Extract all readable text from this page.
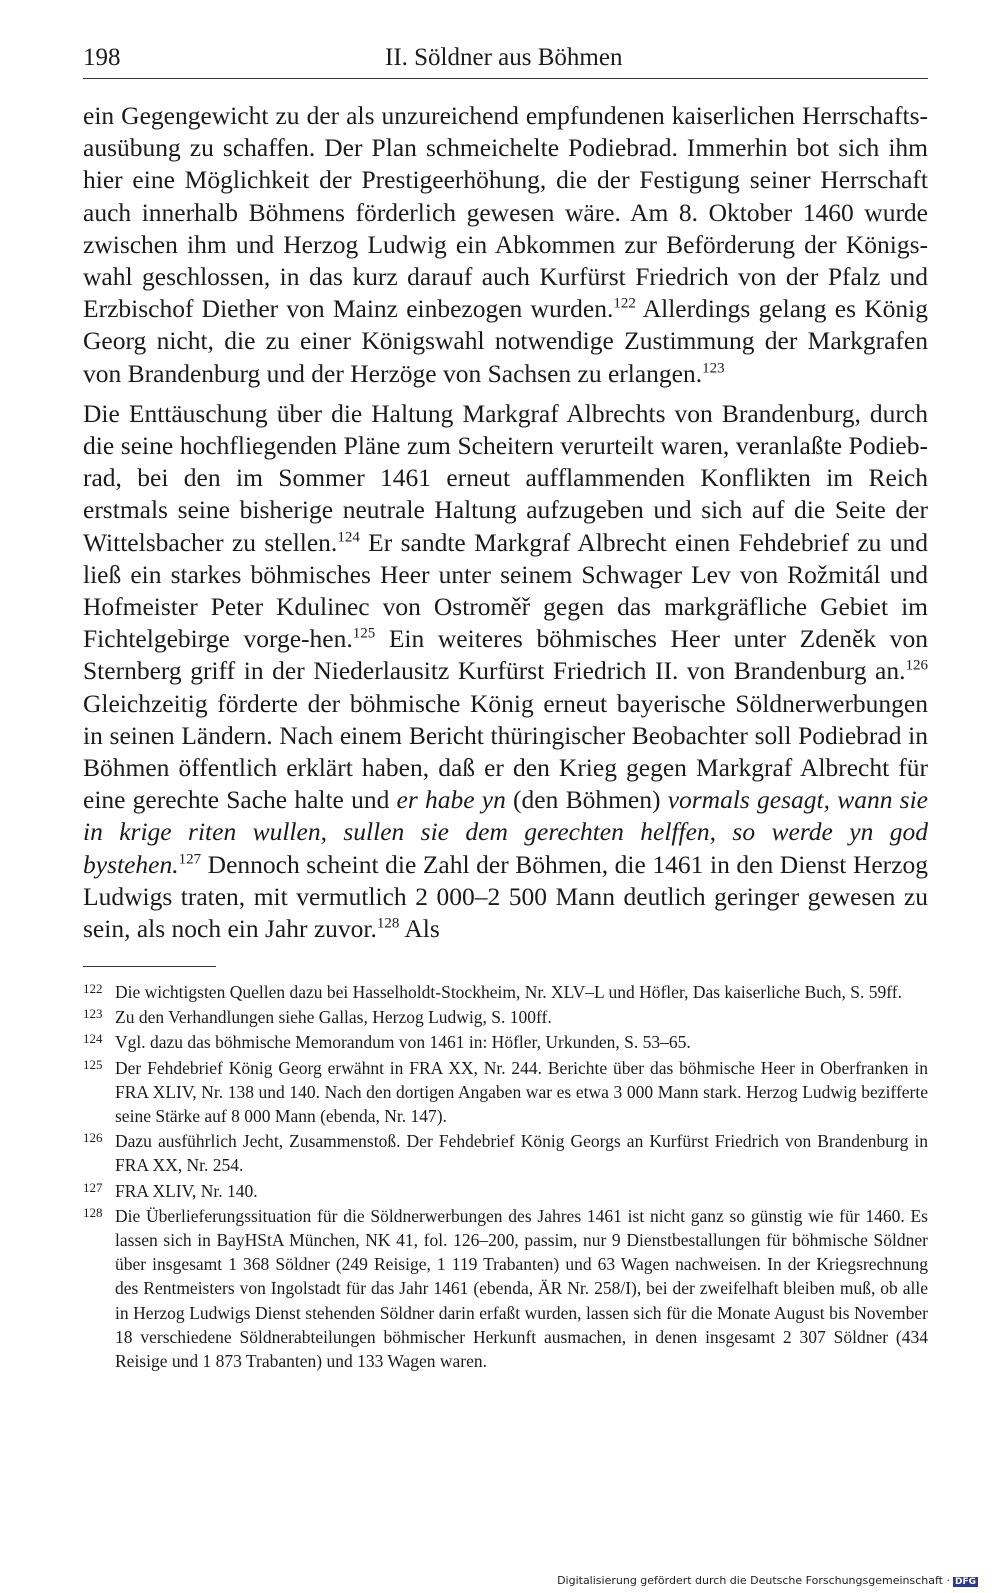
198	II. Söldner aus Böhmen

ein Gegengewicht zu der als unzureichend empfundenen kaiserlichen Herrschafts-ausübung zu schaffen. Der Plan schmeichelte Podiebrad. Immerhin bot sich ihm hier eine Möglichkeit der Prestigeerhöhung, die der Festigung seiner Herrschaft auch innerhalb Böhmens förderlich gewesen wäre. Am 8. Oktober 1460 wurde zwischen ihm und Herzog Ludwig ein Abkommen zur Beförderung der Königs-wahl geschlossen, in das kurz darauf auch Kurfürst Friedrich von der Pfalz und Erzbischof Diether von Mainz einbezogen wurden.$^{122}$ Allerdings gelang es König Georg nicht, die zu einer Königswahl notwendige Zustimmung der Markgrafen von Brandenburg und der Herzöge von Sachsen zu erlangen.$^{123}$

Die Enttäuschung über die Haltung Markgraf Albrechts von Brandenburg, durch die seine hochfliegenden Pläne zum Scheitern verurteilt waren, veranlaßte Podieb-rad, bei den im Sommer 1461 erneut aufflammenden Konflikten im Reich erstmals seine bisherige neutrale Haltung aufzugeben und sich auf die Seite der Wittelsbacher zu stellen.$^{124}$ Er sandte Markgraf Albrecht einen Fehdebrief zu und ließ ein starkes böhmisches Heer unter seinem Schwager Lev von Rožmitál und Hofmeister Peter Kdulinec von Ostroměř gegen das markgräfliche Gebiet im Fichtelgebirge vorge-hen.$^{125}$ Ein weiteres böhmisches Heer unter Zdeněk von Sternberg griff in der Niederlausitz Kurfürst Friedrich II. von Brandenburg an.$^{126}$ Gleichzeitig förderte der böhmische König erneut bayerische Söldnerwerbungen in seinen Ländern. Nach einem Bericht thüringischer Beobachter soll Podiebrad in Böhmen öffentlich erklärt haben, daß er den Krieg gegen Markgraf Albrecht für eine gerechte Sache halte und er habe yn (den Böhmen) vormals gesagt, wann sie in krige riten wullen, sullen sie dem gerechten helffen, so werde yn god bystehen.$^{127}$ Dennoch scheint die Zahl der Böhmen, die 1461 in den Dienst Herzog Ludwigs traten, mit vermutlich 2 000–2 500 Mann deutlich geringer gewesen zu sein, als noch ein Jahr zuvor.$^{128}$ Als

122 Die wichtigsten Quellen dazu bei Hasselholdt-Stockheim, Nr. XLV–L und Höfler, Das kaiserliche Buch, S. 59ff.
123 Zu den Verhandlungen siehe Gallas, Herzog Ludwig, S. 100ff.
124 Vgl. dazu das böhmische Memorandum von 1461 in: Höfler, Urkunden, S. 53–65.
125 Der Fehdebrief König Georg erwähnt in FRA XX, Nr. 244. Berichte über das böhmische Heer in Oberfranken in FRA XLIV, Nr. 138 und 140. Nach den dortigen Angaben war es etwa 3 000 Mann stark. Herzog Ludwig bezifferte seine Stärke auf 8 000 Mann (ebenda, Nr. 147).
126 Dazu ausführlich Jecht, Zusammenstoß. Der Fehdebrief König Georgs an Kurfürst Friedrich von Brandenburg in FRA XX, Nr. 254.
127 FRA XLIV, Nr. 140.
128 Die Überlieferungssituation für die Söldnerwerbungen des Jahres 1461 ist nicht ganz so günstig wie für 1460. Es lassen sich in BayHStA München, NK 41, fol. 126–200, passim, nur 9 Dienstbestallungen für böhmische Söldner über insgesamt 1 368 Söldner (249 Reisige, 1 119 Trabanten) und 63 Wagen nachweisen. In der Kriegsrechnung des Rentmeisters von Ingolstadt für das Jahr 1461 (ebenda, ÄR Nr. 258/I), bei der zweifelhaft bleiben muß, ob alle in Herzog Ludwigs Dienst stehenden Söldner darin erfaßt wurden, lassen sich für die Monate August bis November 18 verschiedene Söldnerabteilungen böhmischer Herkunft ausmachen, in denen insgesamt 2 307 Söldner (434 Reisige und 1 873 Trabanten) und 133 Wagen waren.
Digitalisierung gefördert durch die Deutsche Forschungsgemeinschaft · DFG
